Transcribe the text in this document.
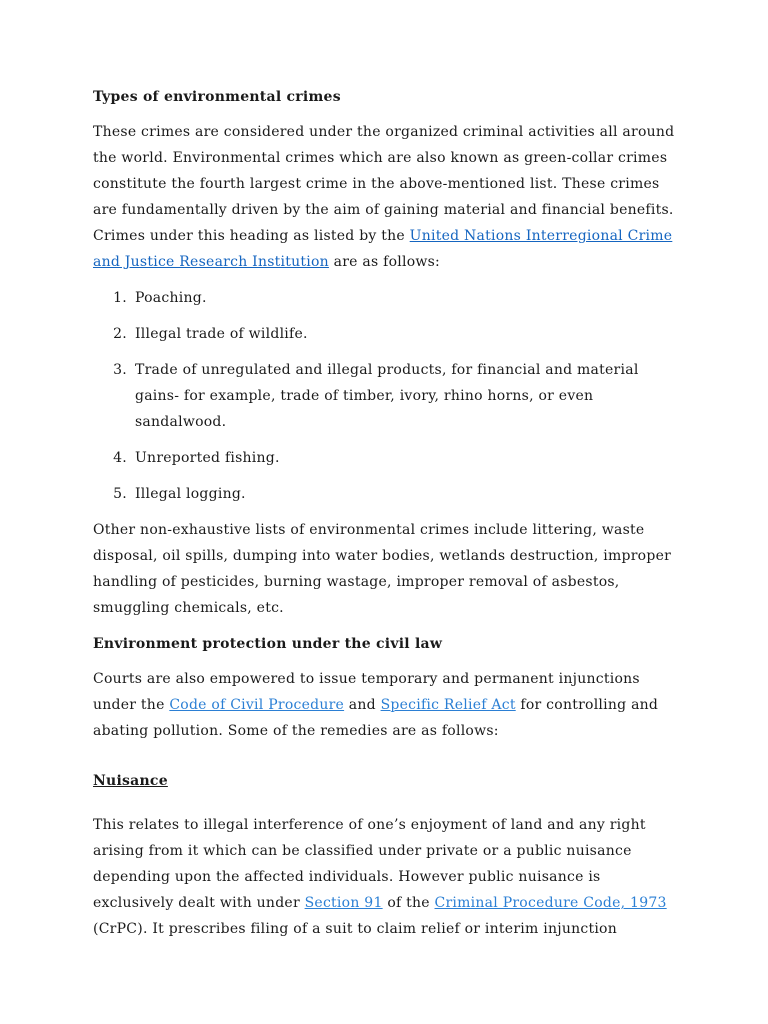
Types of environmental crimes
These crimes are considered under the organized criminal activities all around the world. Environmental crimes which are also known as green-collar crimes constitute the fourth largest crime in the above-mentioned list. These crimes are fundamentally driven by the aim of gaining material and financial benefits. Crimes under this heading as listed by the United Nations Interregional Crime and Justice Research Institution are as follows:
1. Poaching.
2. Illegal trade of wildlife.
3. Trade of unregulated and illegal products, for financial and material gains- for example, trade of timber, ivory, rhino horns, or even sandalwood.
4. Unreported fishing.
5. Illegal logging.
Other non-exhaustive lists of environmental crimes include littering, waste disposal, oil spills, dumping into water bodies, wetlands destruction, improper handling of pesticides, burning wastage, improper removal of asbestos, smuggling chemicals, etc.
Environment protection under the civil law
Courts are also empowered to issue temporary and permanent injunctions under the Code of Civil Procedure and Specific Relief Act for controlling and abating pollution. Some of the remedies are as follows:
Nuisance
This relates to illegal interference of one’s enjoyment of land and any right arising from it which can be classified under private or a public nuisance depending upon the affected individuals. However public nuisance is exclusively dealt with under Section 91 of the Criminal Procedure Code, 1973 (CrPC). It prescribes filing of a suit to claim relief or interim injunction
